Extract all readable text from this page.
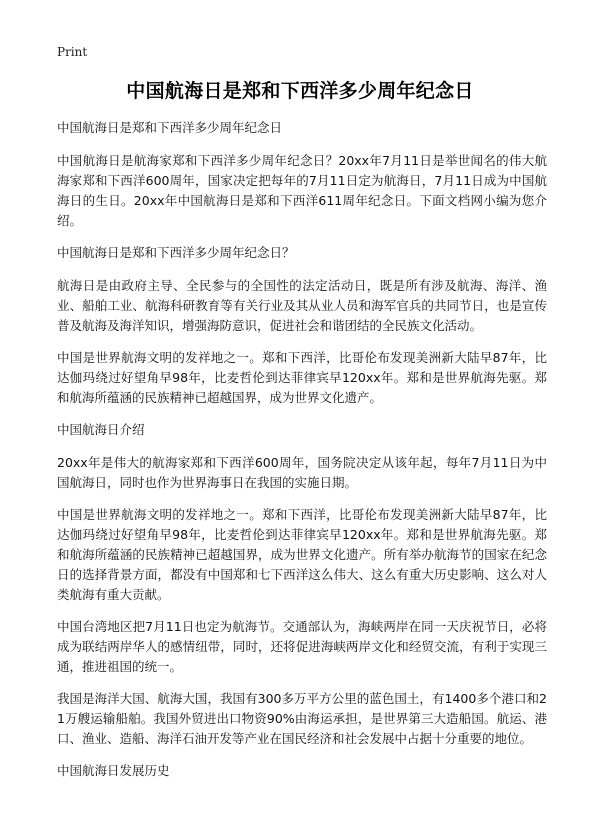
Print
中国航海日是郑和下西洋多少周年纪念日

中国航海日是郑和下西洋多少周年纪念日

中国航海日是航海家郑和下西洋多少周年纪念日？20xx年7月11日是举世闻名的伟大航海家郑和下西洋600周年，国家决定把每年的7月11日定为航海日，7月11日成为中国航海日的生日。20xx年中国航海日是郑和下西洋611周年纪念日。下面文档网小编为您介绍。

中国航海日是郑和下西洋多少周年纪念日？

航海日是由政府主导、全民参与的全国性的法定活动日，既是所有涉及航海、海洋、渔业、船舶工业、航海科研教育等有关行业及其从业人员和海军官兵的共同节日，也是宣传普及航海及海洋知识，增强海防意识，促进社会和谐团结的全民族文化活动。

中国是世界航海文明的发祥地之一。郑和下西洋，比哥伦布发现美洲新大陆早87年，比达伽玛绕过好望角早98年，比麦哲伦到达菲律宾早120xx年。郑和是世界航海先驱。郑和航海所蕴涵的民族精神已超越国界，成为世界文化遗产。

中国航海日介绍

20xx年是伟大的航海家郑和下西洋600周年，国务院决定从该年起，每年7月11日为中国航海日，同时也作为世界海事日在我国的实施日期。

中国是世界航海文明的发祥地之一。郑和下西洋，比哥伦布发现美洲新大陆早87年，比达伽玛绕过好望角早98年，比麦哲伦到达菲律宾早120xx年。郑和是世界航海先驱。郑和航海所蕴涵的民族精神已超越国界，成为世界文化遗产。所有举办航海节的国家在纪念日的选择背景方面，都没有中国郑和七下西洋这么伟大、这么有重大历史影响、这么对人类航海有重大贡献。

中国台湾地区把7月11日也定为航海节。交通部认为，海峡两岸在同一天庆祝节日，必将成为联结两岸华人的感情纽带，同时，还将促进海峡两岸文化和经贸交流，有利于实现三通，推进祖国的统一。

我国是海洋大国、航海大国，我国有300多万平方公里的蓝色国土，有1400多个港口和21万艘运输船舶。我国外贸进出口物资90%由海运承担，是世界第三大造船国。航运、港口、渔业、造船、海洋石油开发等产业在国民经济和社会发展中占据十分重要的地位。

中国航海日发展历史
